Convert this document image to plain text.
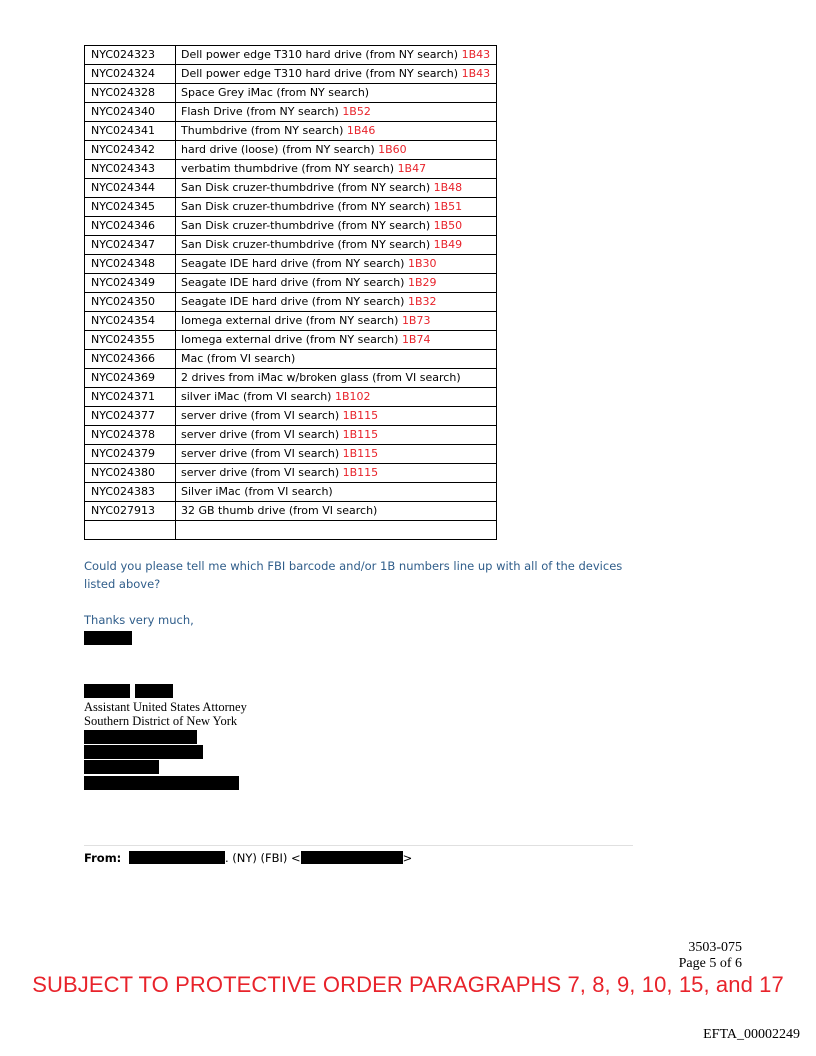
NYC024323	Dell power edge T310 hard drive (from NY search) 1B43
NYC024324	Dell power edge T310 hard drive (from NY search) 1B43
NYC024328	Space Grey iMac (from NY search)
NYC024340	Flash Drive (from NY search) 1B52
NYC024341	Thumbdrive (from NY search) 1B46
NYC024342	hard drive (loose) (from NY search) 1B60
NYC024343	verbatim thumbdrive (from NY search) 1B47
NYC024344	San Disk cruzer-thumbdrive (from NY search) 1B48
NYC024345	San Disk cruzer-thumbdrive (from NY search) 1B51
NYC024346	San Disk cruzer-thumbdrive (from NY search) 1B50
NYC024347	San Disk cruzer-thumbdrive (from NY search) 1B49
NYC024348	Seagate IDE hard drive (from NY search) 1B30
NYC024349	Seagate IDE hard drive (from NY search) 1B29
NYC024350	Seagate IDE hard drive (from NY search) 1B32
NYC024354	Iomega external drive (from NY search) 1B73
NYC024355	Iomega external drive (from NY search) 1B74
NYC024366	Mac (from VI search)
NYC024369	2 drives from iMac w/broken glass (from VI search)
NYC024371	silver iMac (from VI search) 1B102
NYC024377	server drive (from VI search) 1B115
NYC024378	server drive (from VI search) 1B115
NYC024379	server drive (from VI search) 1B115
NYC024380	server drive (from VI search) 1B115
NYC024383	Silver iMac (from VI search)
NYC027913	32 GB thumb drive (from VI search)

Could you please tell me which FBI barcode and/or 1B numbers line up with all of the devices listed above?
Thanks very much,
Assistant United States Attorney
Southern District of New York
From:	. (NY) (FBI) <	>
3503-075
Page 5 of 6
SUBJECT TO PROTECTIVE ORDER PARAGRAPHS 7, 8, 9, 10, 15, and 17
EFTA_00002249
